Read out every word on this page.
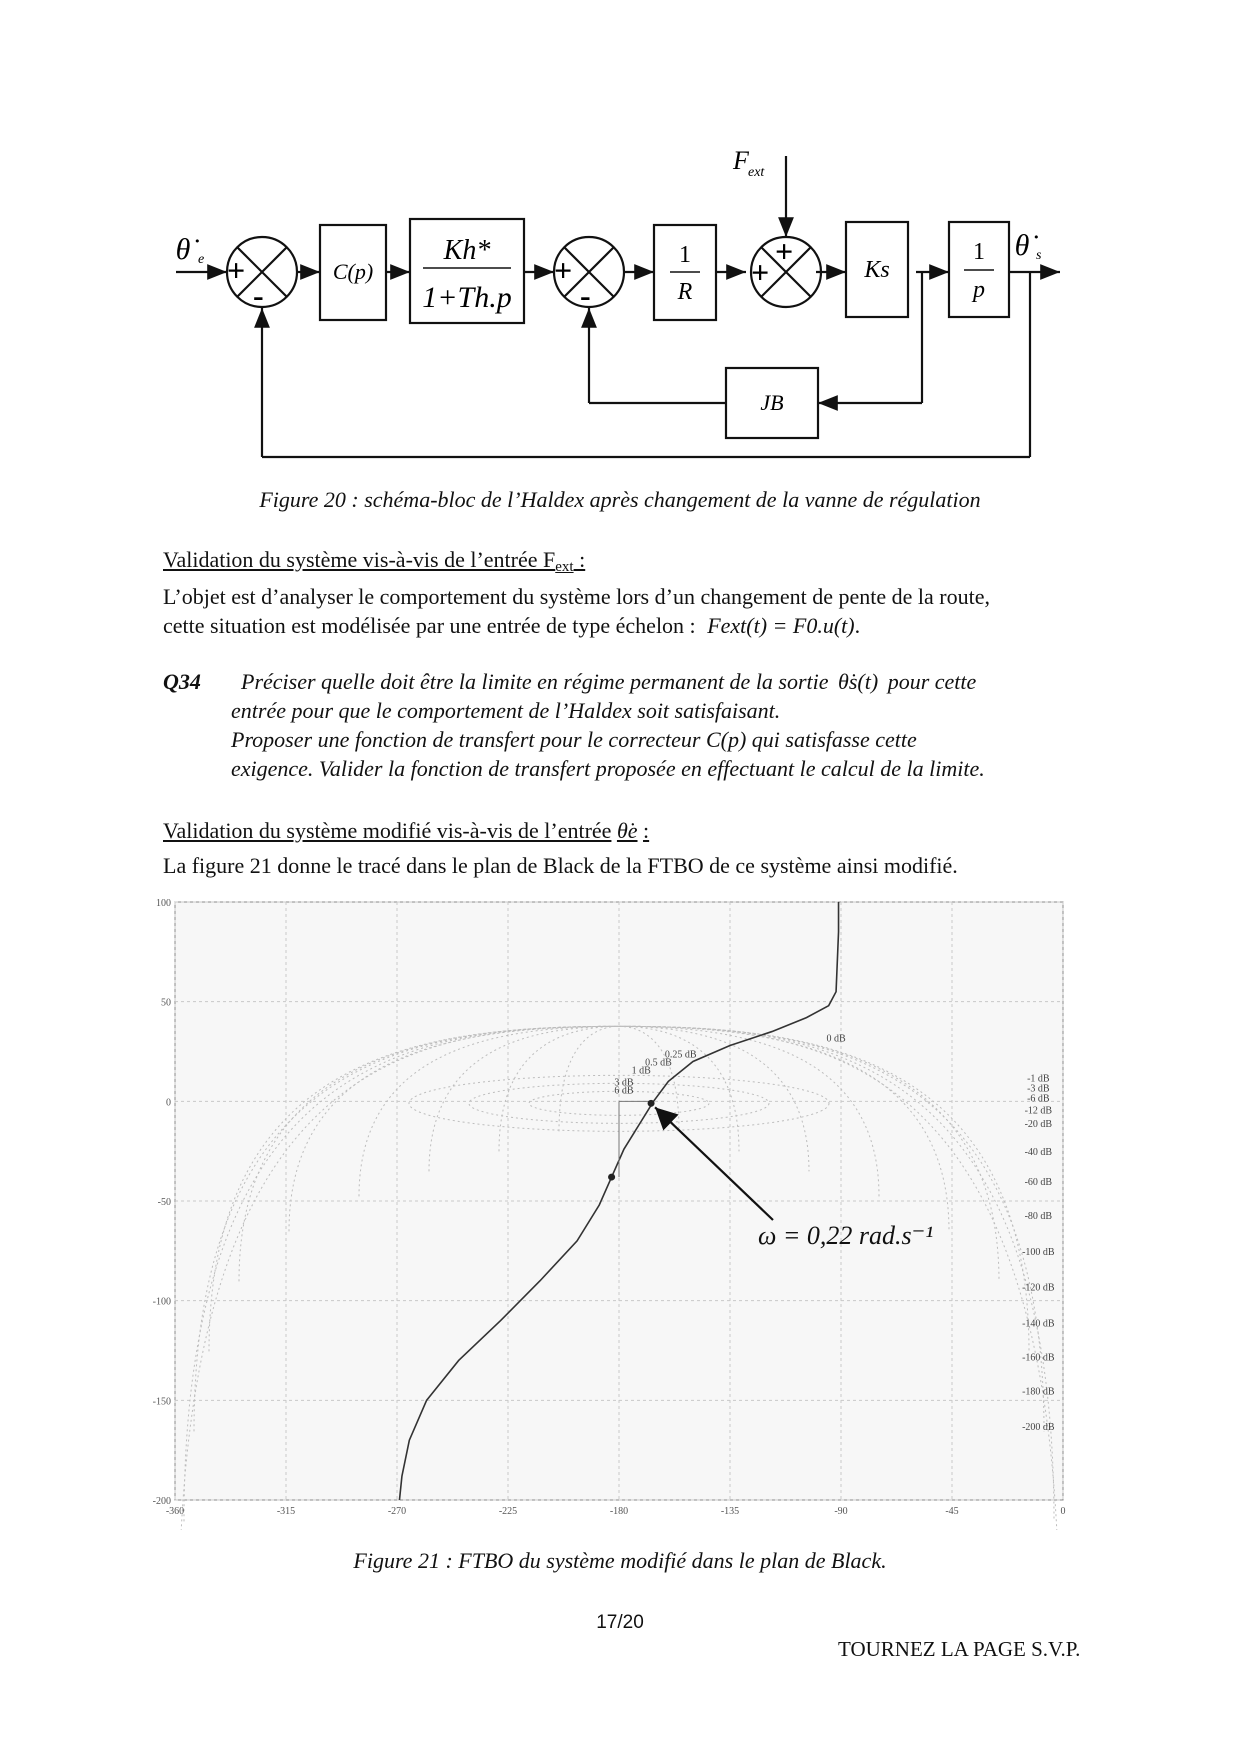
θ̇ e	θ̇ s
F ext
+
-
+
-
+
+
C(p)
Kh*
1+Th.p
1
R
Ks
1
p
JB
Figure 20 : schéma-bloc de l’Haldex après changement de la vanne de régulation
Validation du système vis-à-vis de l’entrée Fext :
L’objet est d’analyser le comportement du système lors d’un changement de pente de la route,
cette situation est modélisée par une entrée de type échelon : Fext(t) = F0.u(t).
Q34 Préciser quelle doit être la limite en régime permanent de la sortie θ̇s(t) pour cette
entrée pour que le comportement de l’Haldex soit satisfaisant.
Proposer une fonction de transfert pour le correcteur C(p) qui satisfasse cette
exigence. Valider la fonction de transfert proposée en effectuant le calcul de la limite.
Validation du système modifié vis-à-vis de l’entrée θ̇e :
La figure 21 donne le tracé dans le plan de Black de la FTBO de ce système ainsi modifié.
0 dB
0.25 dB
0.5 dB
1 dB
3 dB
6 dB
-1 dB
-3 dB
-6 dB
-12 dB
-20 dB
-40 dB
-60 dB
-80 dB
-100 dB
-120 dB
-140 dB
-160 dB
-180 dB
-200 dB
-360	-315	-270	-225	-180	-135	-90	-45	0
100
50
0
-50
-100
-150
-200
ω = 0,22 rad.s⁻¹
Figure 21 : FTBO du système modifié dans le plan de Black.
17/20
TOURNEZ LA PAGE S.V.P.
